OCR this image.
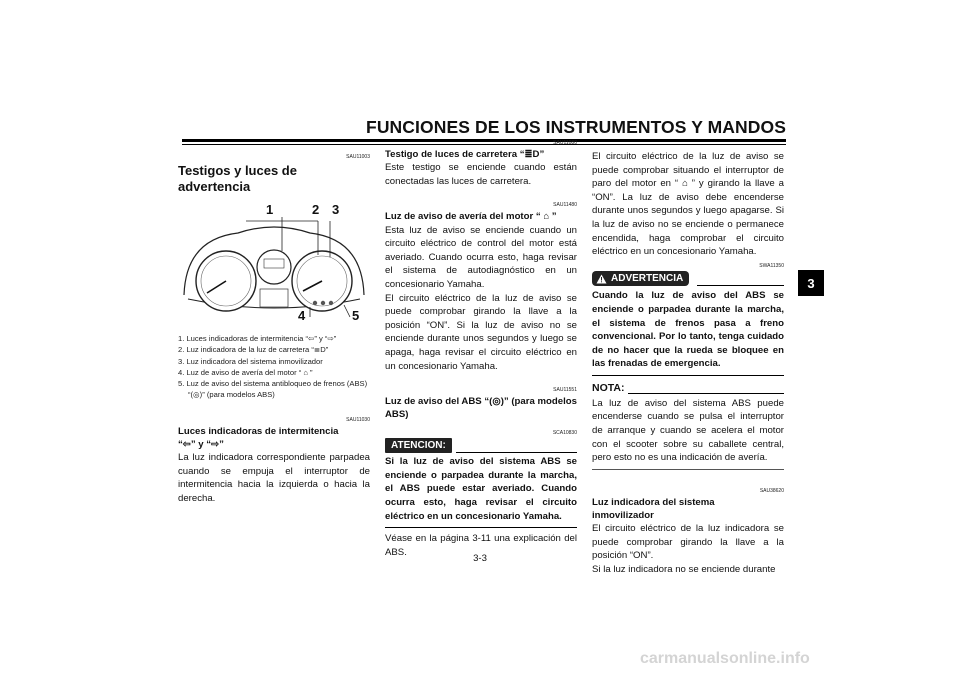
FUNCIONES DE LOS INSTRUMENTOS Y MANDOS
3
SAU11003
Testigos y luces de advertencia
1	2 3
4	5
1. Luces indicadoras de intermitencia “⇦” y “⇨”
2. Luz indicadora de la luz de carretera “≣D”
3. Luz indicadora del sistema inmovilizador
4. Luz de aviso de avería del motor “ ⌂ ”
5. Luz de aviso del sistema antibloqueo de frenos (ABS) “(◎)” (para modelos ABS)
SAU11030
Luces indicadoras de intermitencia
“⇦” y “⇨”
La luz indicadora correspondiente parpadea cuando se empuja el interruptor de intermitencia hacia la izquierda o hacia la derecha.
SAU11080
Testigo de luces de carretera “≣D”
Este testigo se enciende cuando están conectadas las luces de carretera.
SAU11480
Luz de aviso de avería del motor “ ⌂ ”
Esta luz de aviso se enciende cuando un circuito eléctrico de control del motor está averiado. Cuando ocurra esto, haga revisar el sistema de autodiagnóstico en un concesionario Yamaha.
El circuito eléctrico de la luz de aviso se puede comprobar girando la llave a la posición “ON”. Si la luz de aviso no se enciende durante unos segundos y luego se apaga, haga revisar el circuito eléctrico en un concesionario Yamaha.
SAU11551
Luz de aviso del ABS “(◎)” (para modelos ABS)
SCA10830
ATENCION:
Si la luz de aviso del sistema ABS se enciende o parpadea durante la marcha, el ABS puede estar averiado. Cuando ocurra esto, haga revisar el circuito eléctrico en un concesionario Yamaha.
Véase en la página 3-11 una explicación del ABS.
El circuito eléctrico de la luz de aviso se puede comprobar situando el interruptor de paro del motor en “ ⌂ ” y girando la llave a “ON”. La luz de aviso debe encenderse durante unos segundos y luego apagarse. Si la luz de aviso no se enciende o permanece encendida, haga comprobar el circuito eléctrico en un concesionario Yamaha.
SWA11350
ADVERTENCIA
Cuando la luz de aviso del ABS se enciende o parpadea durante la marcha, el sistema de frenos pasa a freno convencional. Por lo tanto, tenga cuidado de no hacer que la rueda se bloquee en las frenadas de emergencia.
NOTA:
La luz de aviso del sistema ABS puede encenderse cuando se pulsa el interruptor de arranque y cuando se acelera el motor con el scooter sobre su caballete central, pero esto no es una indicación de avería.
SAU38620
Luz indicadora del sistema inmovilizador
El circuito eléctrico de la luz indicadora se puede comprobar girando la llave a la posición “ON”.
Si la luz indicadora no se enciende durante
3-3
carmanualsonline.info
